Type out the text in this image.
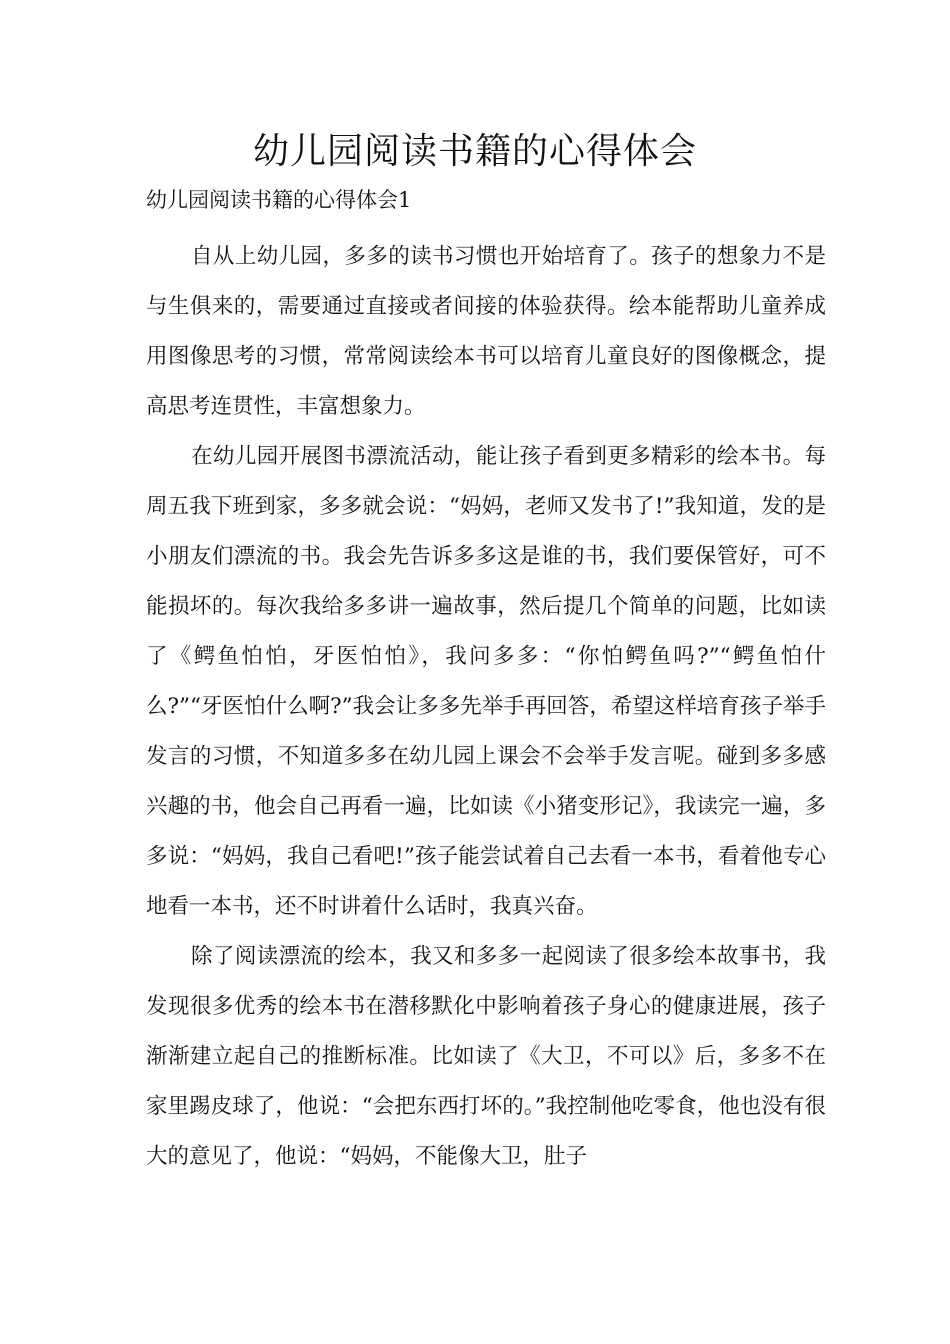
幼儿园阅读书籍的心得体会

幼儿园阅读书籍的心得体会1

自从上幼儿园，多多的读书习惯也开始培育了。孩子的想象力不是与生俱来的，需要通过直接或者间接的体验获得。绘本能帮助儿童养成用图像思考的习惯，常常阅读绘本书可以培育儿童良好的图像概念，提高思考连贯性，丰富想象力。

在幼儿园开展图书漂流活动，能让孩子看到更多精彩的绘本书。每周五我下班到家，多多就会说：“妈妈，老师又发书了!”我知道，发的是小朋友们漂流的书。我会先告诉多多这是谁的书，我们要保管好，可不能损坏的。每次我给多多讲一遍故事，然后提几个简单的问题，比如读了《鳄鱼怕怕，牙医怕怕》，我问多多：“你怕鳄鱼吗?”“鳄鱼怕什么?”“牙医怕什么啊?”我会让多多先举手再回答，希望这样培育孩子举手发言的习惯，不知道多多在幼儿园上课会不会举手发言呢。碰到多多感兴趣的书，他会自己再看一遍，比如读《小猪变形记》，我读完一遍，多多说：“妈妈，我自己看吧!”孩子能尝试着自己去看一本书，看着他专心地看一本书，还不时讲着什么话时，我真兴奋。

除了阅读漂流的绘本，我又和多多一起阅读了很多绘本故事书，我发现很多优秀的绘本书在潜移默化中影响着孩子身心的健康进展，孩子渐渐建立起自己的推断标准。比如读了《大卫，不可以》后，多多不在家里踢皮球了，他说：“会把东西打坏的。”我控制他吃零食，他也没有很大的意见了，他说：“妈妈，不能像大卫，肚子
